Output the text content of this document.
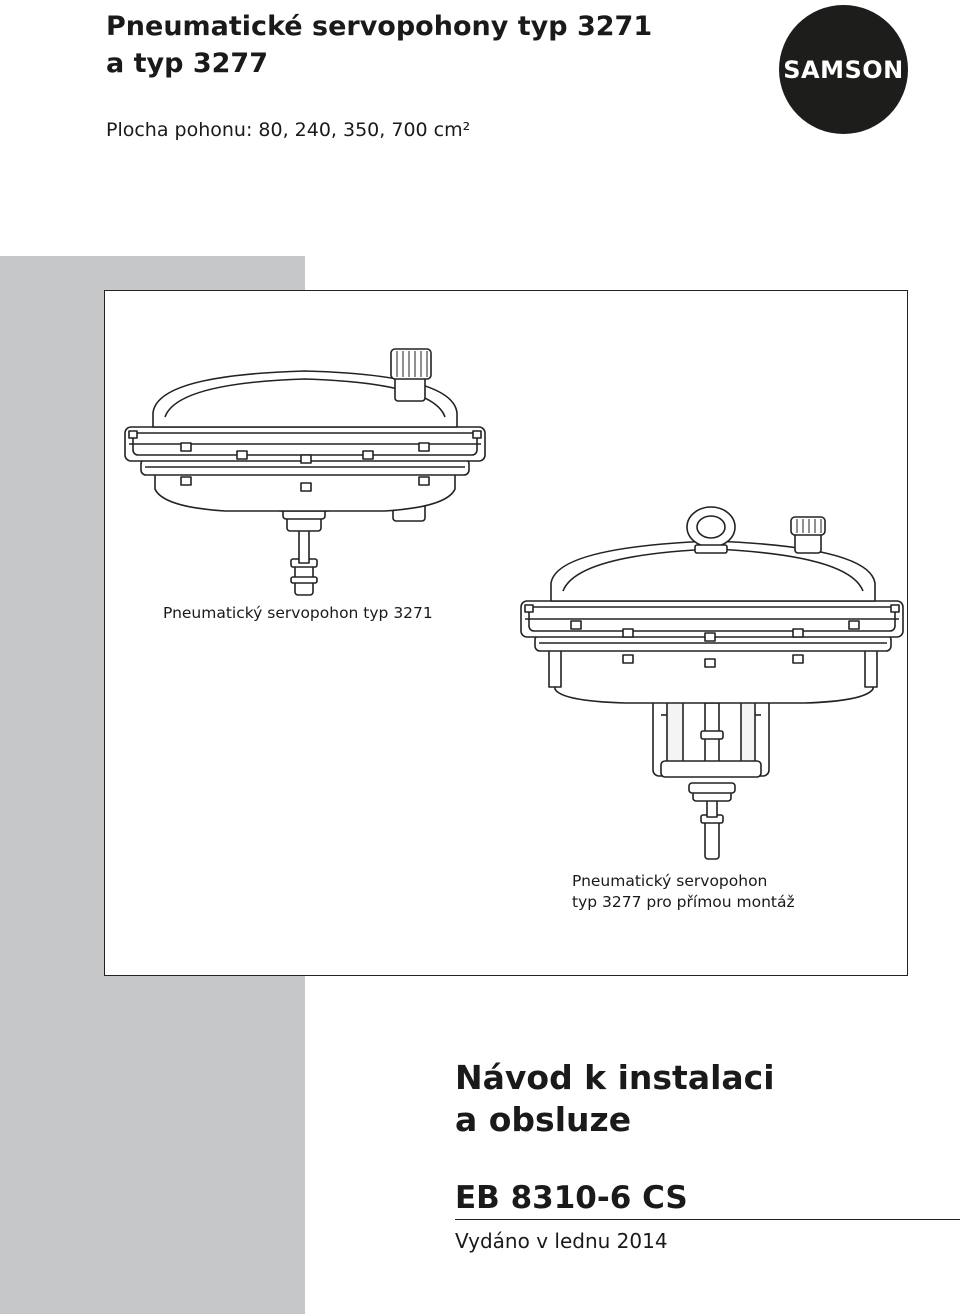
Pneumatické servopohony typ 3271
a typ 3277
Plocha pohonu: 80, 240, 350, 700 cm²
SAMSON
Pneumatický servopohon typ 3271
Pneumatický servopohon
typ 3277 pro přímou montáž
Návod k instalaci
a obsluze
EB 8310-6 CS
Vydáno v lednu 2014
